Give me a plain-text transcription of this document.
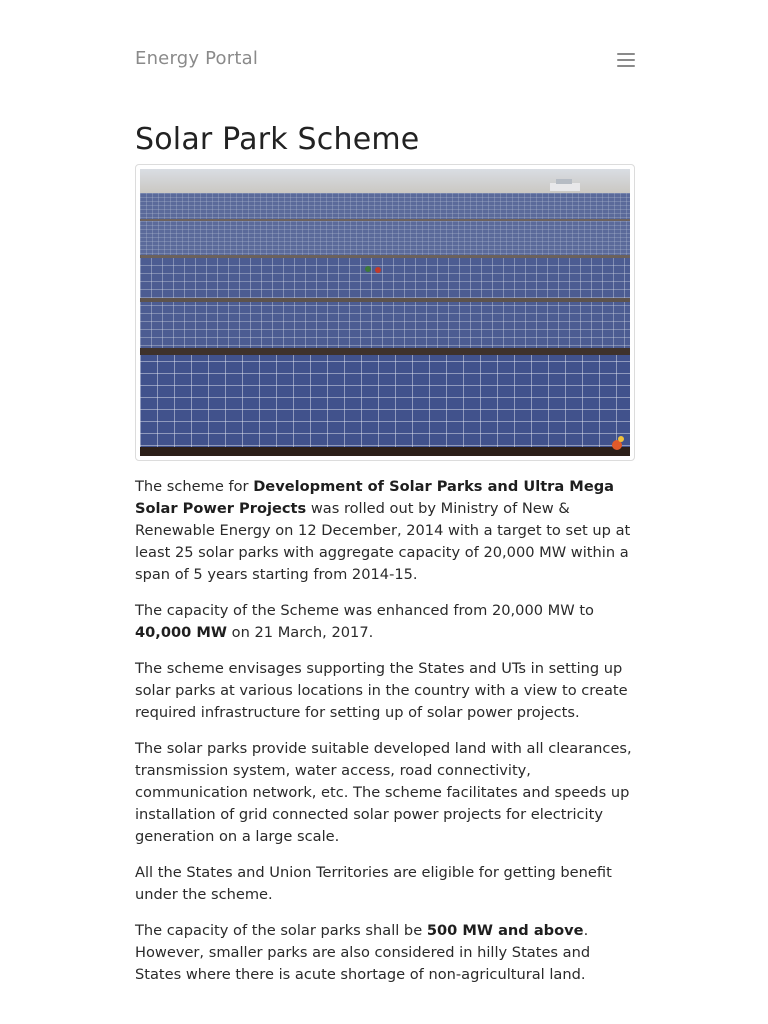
Energy Portal
Solar Park Scheme

The scheme for Development of Solar Parks and Ultra Mega Solar Power Projects was rolled out by Ministry of New & Renewable Energy on 12 December, 2014 with a target to set up at least 25 solar parks with aggregate capacity of 20,000 MW within a span of 5 years starting from 2014-15.

The capacity of the Scheme was enhanced from 20,000 MW to 40,000 MW on 21 March, 2017.

The scheme envisages supporting the States and UTs in setting up solar parks at various locations in the country with a view to create required infrastructure for setting up of solar power projects.

The solar parks provide suitable developed land with all clearances, transmission system, water access, road connectivity, communication network, etc. The scheme facilitates and speeds up installation of grid connected solar power projects for electricity generation on a large scale.

All the States and Union Territories are eligible for getting benefit under the scheme.

The capacity of the solar parks shall be 500 MW and above. However, smaller parks are also considered in hilly States and States where there is acute shortage of non-agricultural land.
